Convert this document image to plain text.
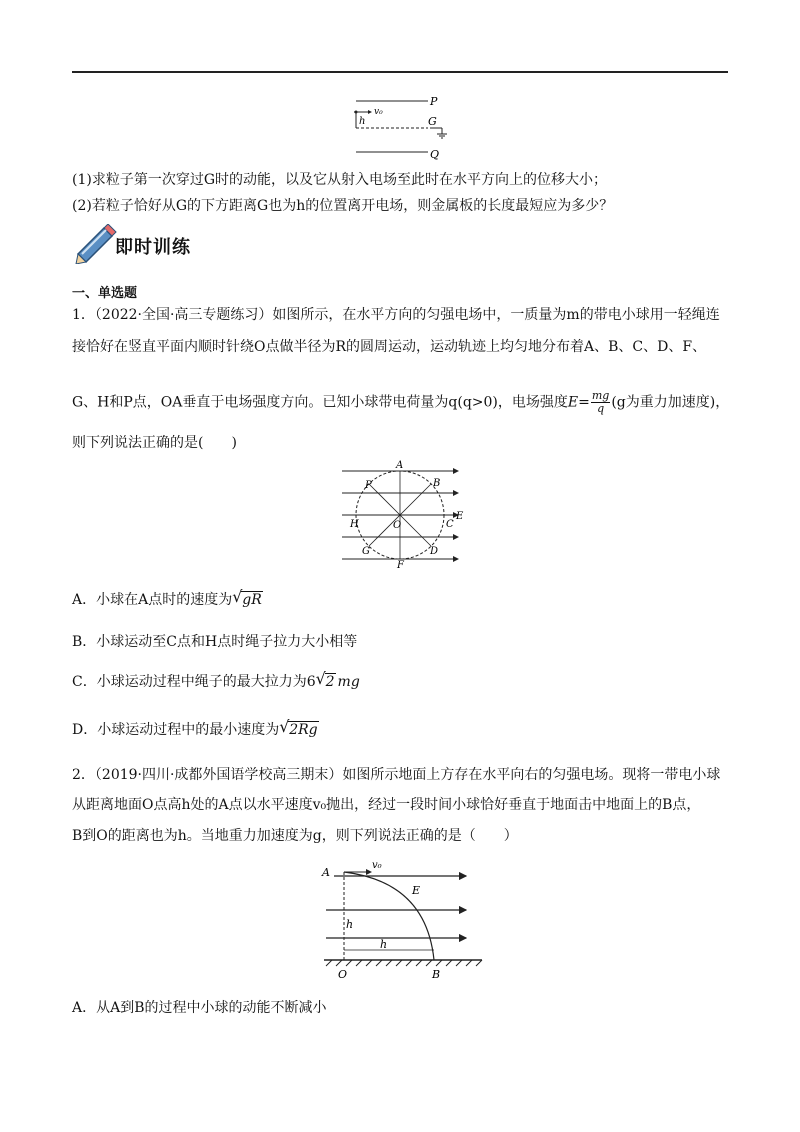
P
G
Q
h
v₀
(1)求粒子第一次穿过G时的动能，以及它从射入电场至此时在水平方向上的位移大小；
(2)若粒子恰好从G的下方距离G也为h的位置离开电场，则金属板的长度最短应为多少？
即时训练
一、单选题
1．（2022·全国·高三专题练习）如图所示，在水平方向的匀强电场中，一质量为m的带电小球用一轻绳连
接恰好在竖直平面内顺时针绕O点做半径为R的圆周运动，运动轨迹上均匀地分布着A、B、C、D、F、
G、H和P点，OA垂直于电场强度方向。已知小球带电荷量为q(q>0)，电场强度$E= \frac{mg}{q} (g$为重力加速度)，
则下列说法正确的是(　　)
A
B
C
E
D
F
G
H
P
O
A．小球在A点时的速度为 √ gR
B．小球运动至C点和H点时绳子拉力大小相等
C．小球运动过程中绳子的最大拉力为6 √ 2 mg
D．小球运动过程中的最小速度为 √ 2Rg
2．（2019·四川·成都外国语学校高三期末）如图所示地面上方存在水平向右的匀强电场。现将一带电小球
从距离地面O点高h处的A点以水平速度v₀抛出，经过一段时间小球恰好垂直于地面击中地面上的B点，
B到O的距离也为h。当地重力加速度为g，则下列说法正确的是（　　）
A
v₀
E
h
h
O	B
A．从A到B的过程中小球的动能不断减小
